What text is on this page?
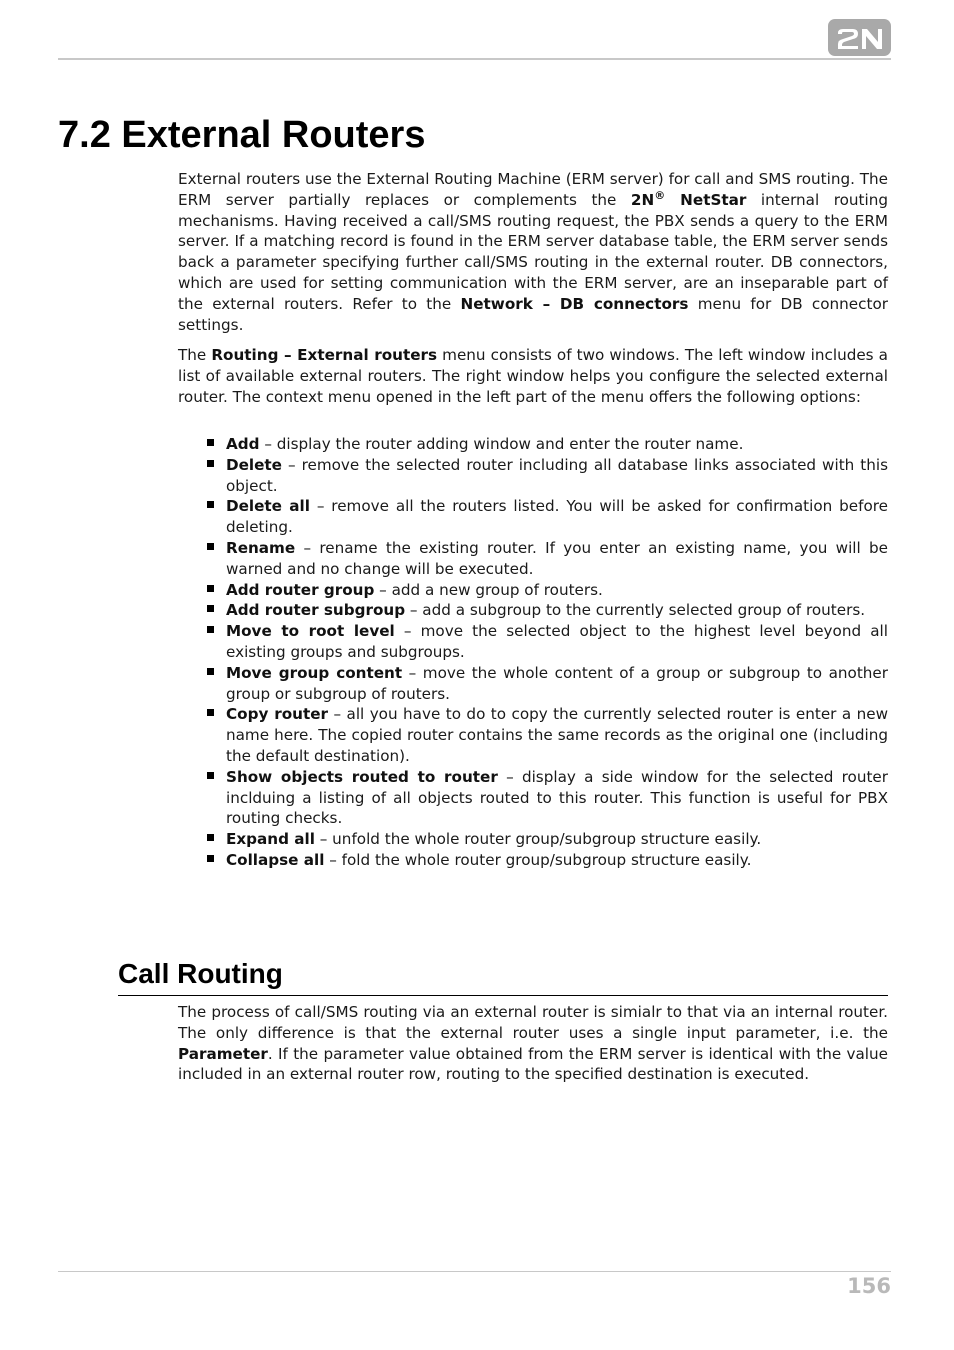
7.2 External Routers

External routers use the External Routing Machine (ERM server) for call and SMS routing. The ERM server partially replaces or complements the 2N® NetStar internal routing mechanisms. Having received a call/SMS routing request, the PBX sends a query to the ERM server. If a matching record is found in the ERM server database table, the ERM server sends back a parameter specifying further call/SMS routing in the external router. DB connectors, which are used for setting communication with the ERM server, are an inseparable part of the external routers. Refer to the Network – DB connectors menu for DB connector settings.

The Routing – External routers menu consists of two windows. The left window includes a list of available external routers. The right window helps you configure the selected external router. The context menu opened in the left part of the menu offers the following options:

Add – display the router adding window and enter the router name.
Delete – remove the selected router including all database links associated with this object.
Delete all – remove all the routers listed. You will be asked for confirmation before deleting.
Rename – rename the existing router. If you enter an existing name, you will be warned and no change will be executed.
Add router group – add a new group of routers.
Add router subgroup – add a subgroup to the currently selected group of routers.
Move to root level – move the selected object to the highest level beyond all existing groups and subgroups.
Move group content – move the whole content of a group or subgroup to another group or subgroup of routers.
Copy router – all you have to do to copy the currently selected router is enter a new name here. The copied router contains the same records as the original one (including the default destination).
Show objects routed to router – display a side window for the selected router inclduing a listing of all objects routed to this router. This function is useful for PBX routing checks.
Expand all – unfold the whole router group/subgroup structure easily.
Collapse all – fold the whole router group/subgroup structure easily.
Call Routing

The process of call/SMS routing via an external router is simialr to that via an internal router. The only difference is that the external router uses a single input parameter, i.e. the Parameter. If the parameter value obtained from the ERM server is identical with the value included in an external router row, routing to the specified destination is executed.

156
